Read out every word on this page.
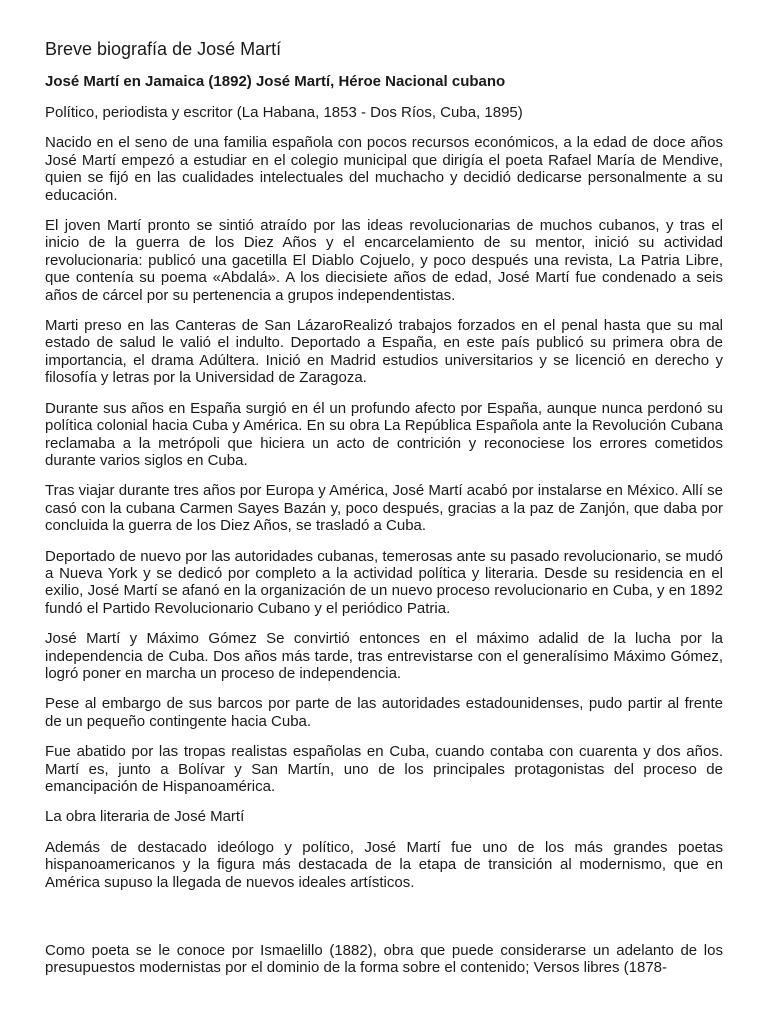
Breve biografía de José Martí
José Martí en Jamaica (1892) José Martí, Héroe Nacional cubano

Político, periodista y escritor (La Habana, 1853 - Dos Ríos, Cuba, 1895)

Nacido en el seno de una familia española con pocos recursos económicos, a la edad de doce años José Martí empezó a estudiar en el colegio municipal que dirigía el poeta Rafael María de Mendive, quien se fijó en las cualidades intelectuales del muchacho y decidió dedicarse personalmente a su educación.

El joven Martí pronto se sintió atraído por las ideas revolucionarias de muchos cubanos, y tras el inicio de la guerra de los Diez Años y el encarcelamiento de su mentor, inició su actividad revolucionaria: publicó una gacetilla El Diablo Cojuelo, y poco después una revista, La Patria Libre, que contenía su poema «Abdalá». A los diecisiete años de edad, José Martí fue condenado a seis años de cárcel por su pertenencia a grupos independentistas.

Marti preso en las Canteras de San LázaroRealizó trabajos forzados en el penal hasta que su mal estado de salud le valió el indulto. Deportado a España, en este país publicó su primera obra de importancia, el drama Adúltera. Inició en Madrid estudios universitarios y se licenció en derecho y filosofía y letras por la Universidad de Zaragoza.

Durante sus años en España surgió en él un profundo afecto por España, aunque nunca perdonó su política colonial hacia Cuba y América. En su obra La República Española ante la Revolución Cubana reclamaba a la metrópoli que hiciera un acto de contrición y reconociese los errores cometidos durante varios siglos en Cuba.

Tras viajar durante tres años por Europa y América, José Martí acabó por instalarse en México. Allí se casó con la cubana Carmen Sayes Bazán y, poco después, gracias a la paz de Zanjón, que daba por concluida la guerra de los Diez Años, se trasladó a Cuba.

Deportado de nuevo por las autoridades cubanas, temerosas ante su pasado revolucionario, se mudó a Nueva York y se dedicó por completo a la actividad política y literaria. Desde su residencia en el exilio, José Martí se afanó en la organización de un nuevo proceso revolucionario en Cuba, y en 1892 fundó el Partido Revolucionario Cubano y el periódico Patria.

José Martí y Máximo Gómez Se convirtió entonces en el máximo adalid de la lucha por la independencia de Cuba. Dos años más tarde, tras entrevistarse con el generalísimo Máximo Gómez, logró poner en marcha un proceso de independencia.

Pese al embargo de sus barcos por parte de las autoridades estadounidenses, pudo partir al frente de un pequeño contingente hacia Cuba.

Fue abatido por las tropas realistas españolas en Cuba, cuando contaba con cuarenta y dos años. Martí es, junto a Bolívar y San Martín, uno de los principales protagonistas del proceso de emancipación de Hispanoamérica.

La obra literaria de José Martí

Además de destacado ideólogo y político, José Martí fue uno de los más grandes poetas hispanoamericanos y la figura más destacada de la etapa de transición al modernismo, que en América supuso la llegada de nuevos ideales artísticos.

Como poeta se le conoce por Ismaelillo (1882), obra que puede considerarse un adelanto de los presupuestos modernistas por el dominio de la forma sobre el contenido; Versos libres (1878-
